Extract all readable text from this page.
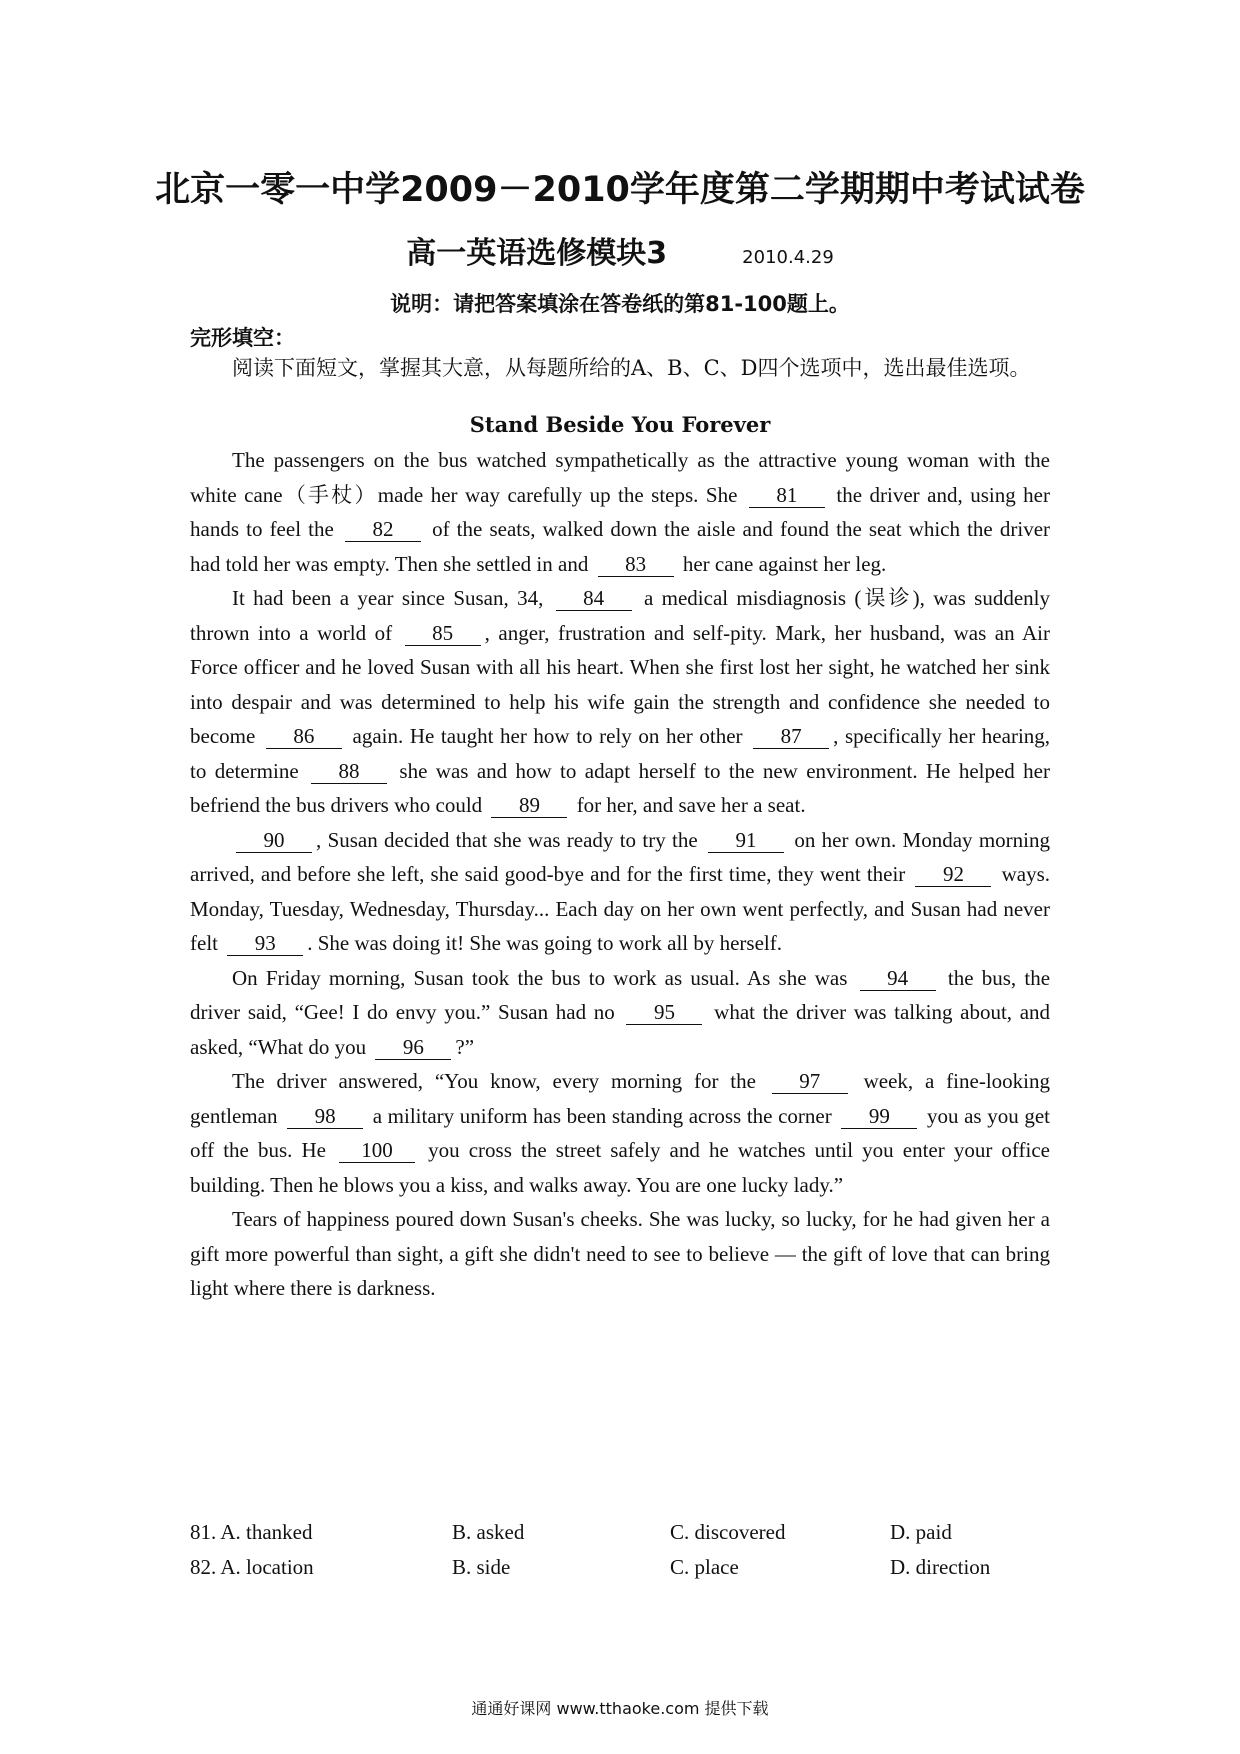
北京一零一中学2009－2010学年度第二学期期中考试试卷
高一英语选修模块3	2010.4.29
说明：请把答案填涂在答卷纸的第81-100题上。
完形填空：
阅读下面短文，掌握其大意，从每题所给的A、B、C、D四个选项中，选出最佳选项。
Stand Beside You Forever

The passengers on the bus watched sympathetically as the attractive young woman with the white cane（手杖）made her way carefully up the steps. She 81 the driver and, using her hands to feel the 82 of the seats, walked down the aisle and found the seat which the driver had told her was empty. Then she settled in and 83 her cane against her leg.

It had been a year since Susan, 34, 84 a medical misdiagnosis (误诊), was suddenly thrown into a world of 85 , anger, frustration and self-pity. Mark, her husband, was an Air Force officer and he loved Susan with all his heart. When she first lost her sight, he watched her sink into despair and was determined to help his wife gain the strength and confidence she needed to become 86 again. He taught her how to rely on her other 87 , specifically her hearing, to determine 88 she was and how to adapt herself to the new environment. He helped her befriend the bus drivers who could 89 for her, and save her a seat.

90 , Susan decided that she was ready to try the 91 on her own. Monday morning arrived, and before she left, she said good-bye and for the first time, they went their 92 ways. Monday, Tuesday, Wednesday, Thursday... Each day on her own went perfectly, and Susan had never felt 93 . She was doing it! She was going to work all by herself.

On Friday morning, Susan took the bus to work as usual. As she was 94 the bus, the driver said, “Gee! I do envy you.” Susan had no 95 what the driver was talking about, and asked, “What do you 96 ?”

The driver answered, “You know, every morning for the 97 week, a fine-looking gentleman 98 a military uniform has been standing across the corner 99 you as you get off the bus. He 100 you cross the street safely and he watches until you enter your office building. Then he blows you a kiss, and walks away. You are one lucky lady.”

Tears of happiness poured down Susan's cheeks. She was lucky, so lucky, for he had given her a gift more powerful than sight, a gift she didn't need to see to believe — the gift of love that can bring light where there is darkness.

81. A. thanked	B. asked	C. discovered	D. paid
82. A. location	B. side	C. place	D. direction
通通好课网 www.tthaoke.com 提供下载
